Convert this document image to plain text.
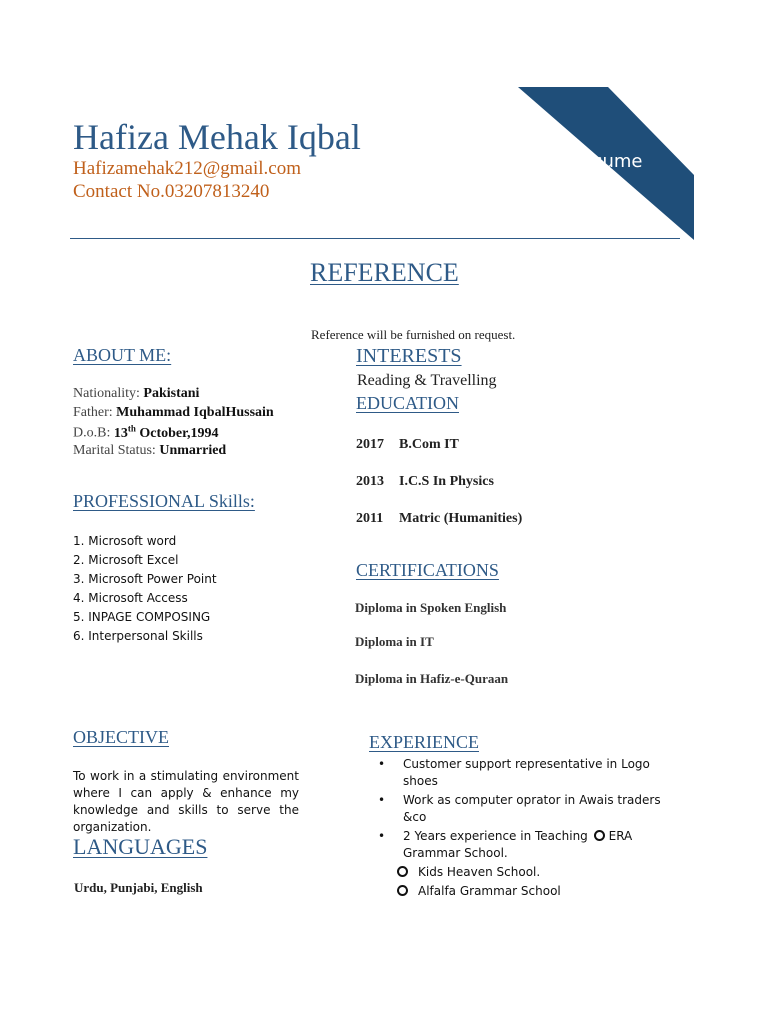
ésume
Hafiza Mehak Iqbal
Hafizamehak212@gmail.com
Contact No.03207813240
REFERENCE
Reference will be furnished on request.
ABOUT ME:
Nationality: Pakistani
Father: Muhammad IqbalHussain
D.o.B: 13th October,1994
Marital Status: Unmarried
PROFESSIONAL Skills:
1. Microsoft word
2. Microsoft Excel
3. Microsoft Power Point
4. Microsoft Access
5. INPAGE COMPOSING
6. Interpersonal Skills
OBJECTIVE
To work in a stimulating environment where I can apply & enhance my knowledge and skills to serve the organization.
LANGUAGES
Urdu, Punjabi, English
INTERESTS
Reading & Travelling
EDUCATION
2017 B.Com IT
2013 I.C.S In Physics
2011 Matric (Humanities)
CERTIFICATIONS
Diploma in Spoken English
Diploma in IT
Diploma in Hafiz-e-Quraan
EXPERIENCE
• Customer support representative in Logo shoes
• Work as computer oprator in Awais traders &co
• 2 Years experience in Teaching ERA Grammar School.
Kids Heaven School.
Alfalfa Grammar School
